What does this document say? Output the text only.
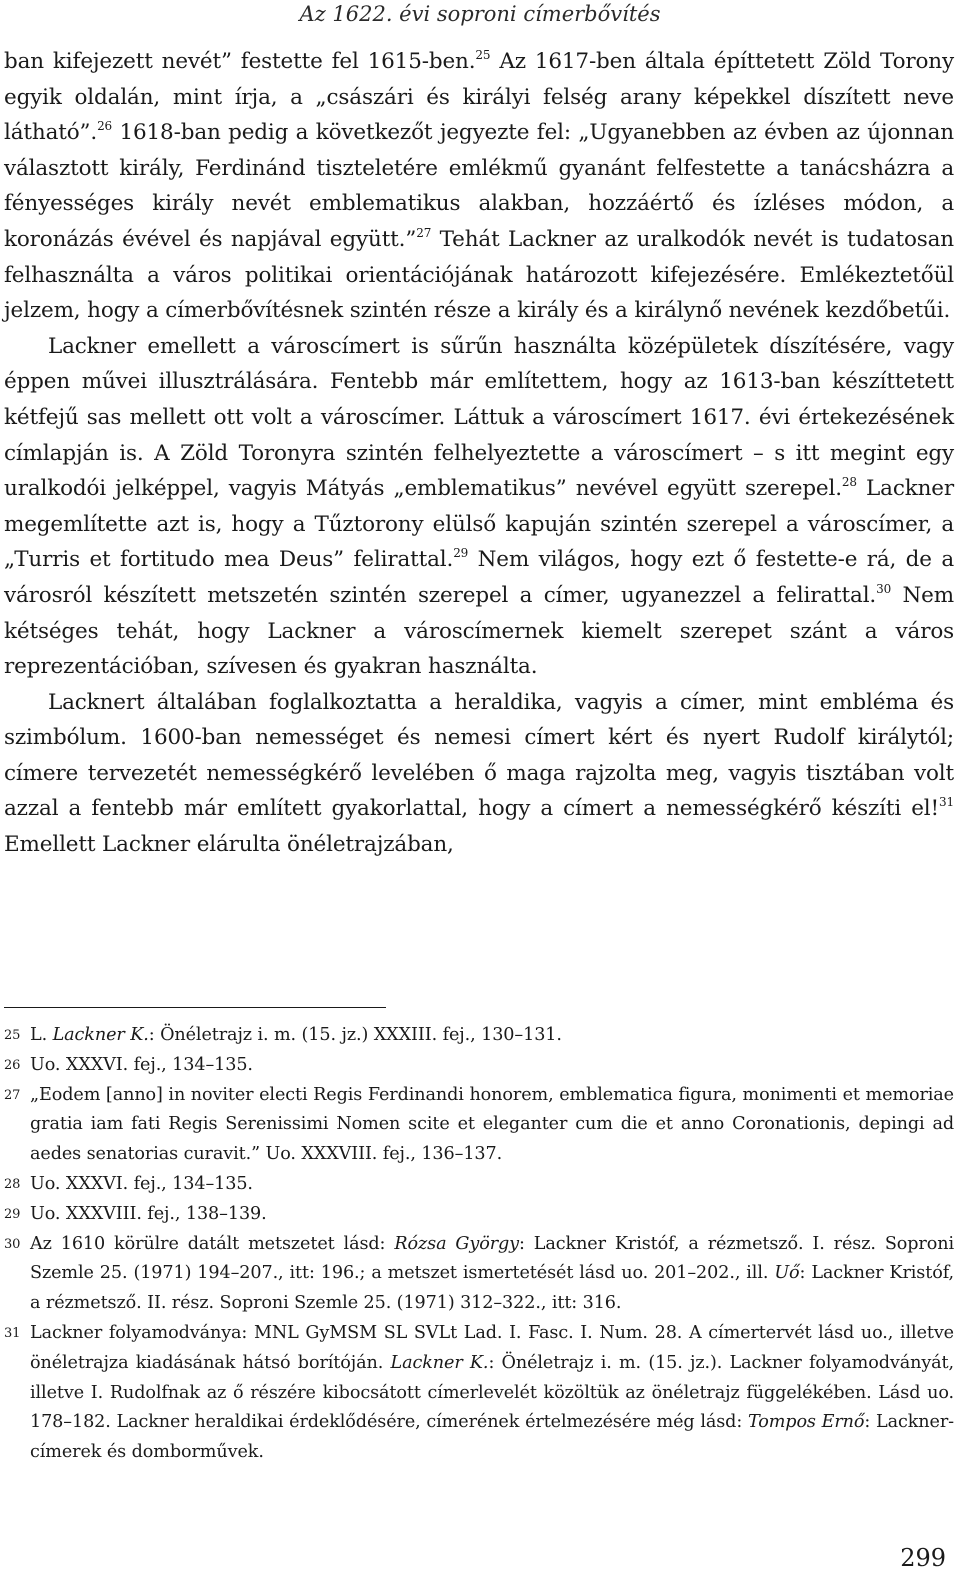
Az 1622. évi soproni címerbővítés

ban kifejezett nevét” festette fel 1615-ben.$^{25}$ Az 1617-ben általa építtetett Zöld Torony egyik oldalán, mint írja, a „császári és királyi felség arany képekkel díszített neve látható”.$^{26}$ 1618-ban pedig a következőt jegyezte fel: „Ugyanebben az évben az újonnan választott király, Ferdinánd tiszteletére emlékmű gyanánt felfestette a tanácsházra a fényességes király nevét emblematikus alakban, hozzáértő és ízléses módon, a koronázás évével és napjával együtt.”$^{27}$ Tehát Lackner az uralkodók nevét is tudatosan felhasználta a város politikai orientációjának határozott kifejezésére. Emlékeztetőül jelzem, hogy a címerbővítésnek szintén része a király és a királynő nevének kezdőbetűi.

Lackner emellett a városcímert is sűrűn használta középületek díszítésére, vagy éppen művei illusztrálására. Fentebb már említettem, hogy az 1613-ban készíttetett kétfejű sas mellett ott volt a városcímer. Láttuk a városcímert 1617. évi értekezésének címlapján is. A Zöld Toronyra szintén felhelyeztette a városcímert – s itt megint egy uralkodói jelképpel, vagyis Mátyás „emblematikus” nevével együtt szerepel.$^{28}$ Lackner megemlítette azt is, hogy a Tűztorony elülső kapuján szintén szerepel a városcímer, a „Turris et fortitudo mea Deus” felirattal.$^{29}$ Nem világos, hogy ezt ő festette-e rá, de a városról készített metszetén szintén szerepel a címer, ugyanezzel a felirattal.$^{30}$ Nem kétséges tehát, hogy Lackner a városcímernek kiemelt szerepet szánt a város reprezentációban, szívesen és gyakran használta.

Lacknert általában foglalkoztatta a heraldika, vagyis a címer, mint embléma és szimbólum. 1600-ban nemességet és nemesi címert kért és nyert Rudolf királytól; címere tervezetét nemességkérő levelében ő maga rajzolta meg, vagyis tisztában volt azzal a fentebb már említett gyakorlattal, hogy a címert a nemességkérő készíti el!$^{31}$ Emellett Lackner elárulta önéletrajzában,

25 L. Lackner K.: Önéletrajz i. m. (15. jz.) XXXIII. fej., 130–131.
26 Uo. XXXVI. fej., 134–135.
27 „Eodem [anno] in noviter electi Regis Ferdinandi honorem, emblematica figura, monimenti et memoriae gratia iam fati Regis Serenissimi Nomen scite et eleganter cum die et anno Coronationis, depingi ad aedes senatorias curavit.” Uo. XXXVIII. fej., 136–137.
28 Uo. XXXVI. fej., 134–135.
29 Uo. XXXVIII. fej., 138–139.
30 Az 1610 körülre datált metszetet lásd: Rózsa György: Lackner Kristóf, a rézmetsző. I. rész. Soproni Szemle 25. (1971) 194–207., itt: 196.; a metszet ismertetését lásd uo. 201–202., ill. Uő: Lackner Kristóf, a rézmetsző. II. rész. Soproni Szemle 25. (1971) 312–322., itt: 316.
31 Lackner folyamodványa: MNL GyMSM SL SVLt Lad. I. Fasc. I. Num. 28. A címertervét lásd uo., illetve önéletrajza kiadásának hátsó borítóján. Lackner K.: Önéletrajz i. m. (15. jz.). Lackner folyamodványát, illetve I. Rudolfnak az ő részére kibocsátott címerlevelét közöltük az önéletrajz függelékében. Lásd uo. 178–182. Lackner heraldikai érdeklődésére, címerének értelmezésére még lásd: Tompos Ernő: Lackner-címerek és domborművek.
299
